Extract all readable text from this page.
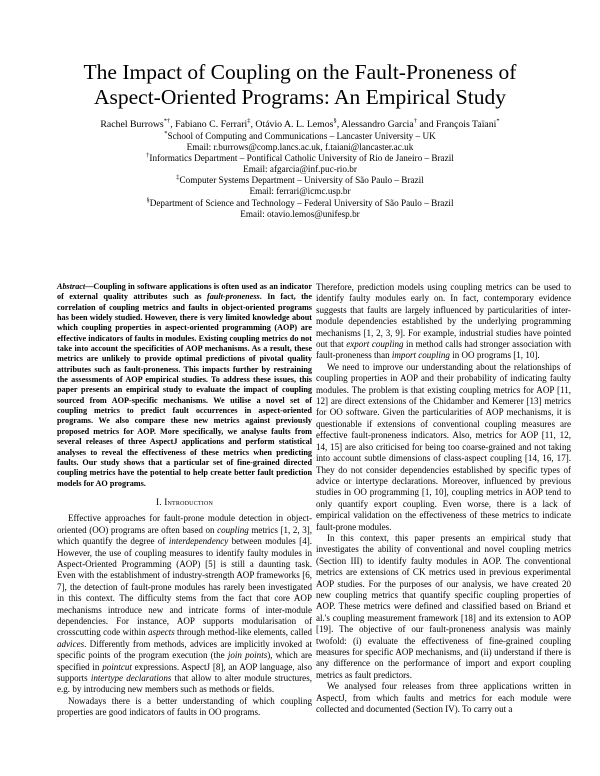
The Impact of Coupling on the Fault-Proneness of
Aspect-Oriented Programs: An Empirical Study
Rachel Burrows*†, Fabiano C. Ferrari‡, Otávio A. L. Lemos§, Alessandro Garcia† and François Taïani*
*School of Computing and Communications – Lancaster University – UK
Email: r.burrows@comp.lancs.ac.uk, f.taiani@lancaster.ac.uk
†Informatics Department – Pontifical Catholic University of Rio de Janeiro – Brazil
Email: afgarcia@inf.puc-rio.br
‡Computer Systems Department – University of São Paulo – Brazil
Email: ferrari@icmc.usp.br
§Department of Science and Technology – Federal University of São Paulo – Brazil
Email: otavio.lemos@unifesp.br
Abstract—Coupling in software applications is often used as an indicator of external quality attributes such as fault-proneness. In fact, the correlation of coupling metrics and faults in object-oriented programs has been widely studied. However, there is very limited knowledge about which coupling properties in aspect-oriented programming (AOP) are effective indicators of faults in modules. Existing coupling metrics do not take into account the specificities of AOP mechanisms. As a result, these metrics are unlikely to provide optimal predictions of pivotal quality attributes such as fault-proneness. This impacts further by restraining the assessments of AOP empirical studies. To address these issues, this paper presents an empirical study to evaluate the impact of coupling sourced from AOP-specific mechanisms. We utilise a novel set of coupling metrics to predict fault occurrences in aspect-oriented programs. We also compare these new metrics against previously proposed metrics for AOP. More specifically, we analyse faults from several releases of three AspectJ applications and perform statistical analyses to reveal the effectiveness of these metrics when predicting faults. Our study shows that a particular set of fine-grained directed coupling metrics have the potential to help create better fault prediction models for AO programs.
I. Introduction

Effective approaches for fault-prone module detection in object-oriented (OO) programs are often based on coupling metrics [1, 2, 3], which quantify the degree of interdependency between modules [4]. However, the use of coupling measures to identify faulty modules in Aspect-Oriented Programming (AOP) [5] is still a daunting task. Even with the establishment of industry-strength AOP frameworks [6, 7], the detection of fault-prone modules has rarely been investigated in this context. The difficulty stems from the fact that core AOP mechanisms introduce new and intricate forms of inter-module dependencies. For instance, AOP supports modularisation of crosscutting code within aspects through method-like elements, called advices. Differently from methods, advices are implicitly invoked at specific points of the program execution (the join points), which are specified in pointcut expressions. AspectJ [8], an AOP language, also supports intertype declarations that allow to alter module structures, e.g. by introducing new members such as methods or fields.

Nowadays there is a better understanding of which coupling properties are good indicators of faults in OO programs.

Therefore, prediction models using coupling metrics can be used to identify faulty modules early on. In fact, contemporary evidence suggests that faults are largely influenced by particularities of inter-module dependencies established by the underlying programming mechanisms [1, 2, 3, 9]. For example, industrial studies have pointed out that export coupling in method calls had stronger association with fault-proneness than import coupling in OO programs [1, 10].

We need to improve our understanding about the relationships of coupling properties in AOP and their probability of indicating faulty modules. The problem is that existing coupling metrics for AOP [11, 12] are direct extensions of the Chidamber and Kemerer [13] metrics for OO software. Given the particularities of AOP mechanisms, it is questionable if extensions of conventional coupling measures are effective fault-proneness indicators. Also, metrics for AOP [11, 12, 14, 15] are also criticised for being too coarse-grained and not taking into account subtle dimensions of class-aspect coupling [14, 16, 17]. They do not consider dependencies established by specific types of advice or intertype declarations. Moreover, influenced by previous studies in OO programming [1, 10], coupling metrics in AOP tend to only quantify export coupling. Even worse, there is a lack of empirical validation on the effectiveness of these metrics to indicate fault-prone modules.

In this context, this paper presents an empirical study that investigates the ability of conventional and novel coupling metrics (Section III) to identify faulty modules in AOP. The conventional metrics are extensions of CK metrics used in previous experimental AOP studies. For the purposes of our analysis, we have created 20 new coupling metrics that quantify specific coupling properties of AOP. These metrics were defined and classified based on Briand et al.'s coupling measurement framework [18] and its extension to AOP [19]. The objective of our fault-proneness analysis was mainly twofold: (i) evaluate the effectiveness of fine-grained coupling measures for specific AOP mechanisms, and (ii) understand if there is any difference on the performance of import and export coupling metrics as fault predictors.

We analysed four releases from three applications written in AspectJ, from which faults and metrics for each module were collected and documented (Section IV). To carry out a
